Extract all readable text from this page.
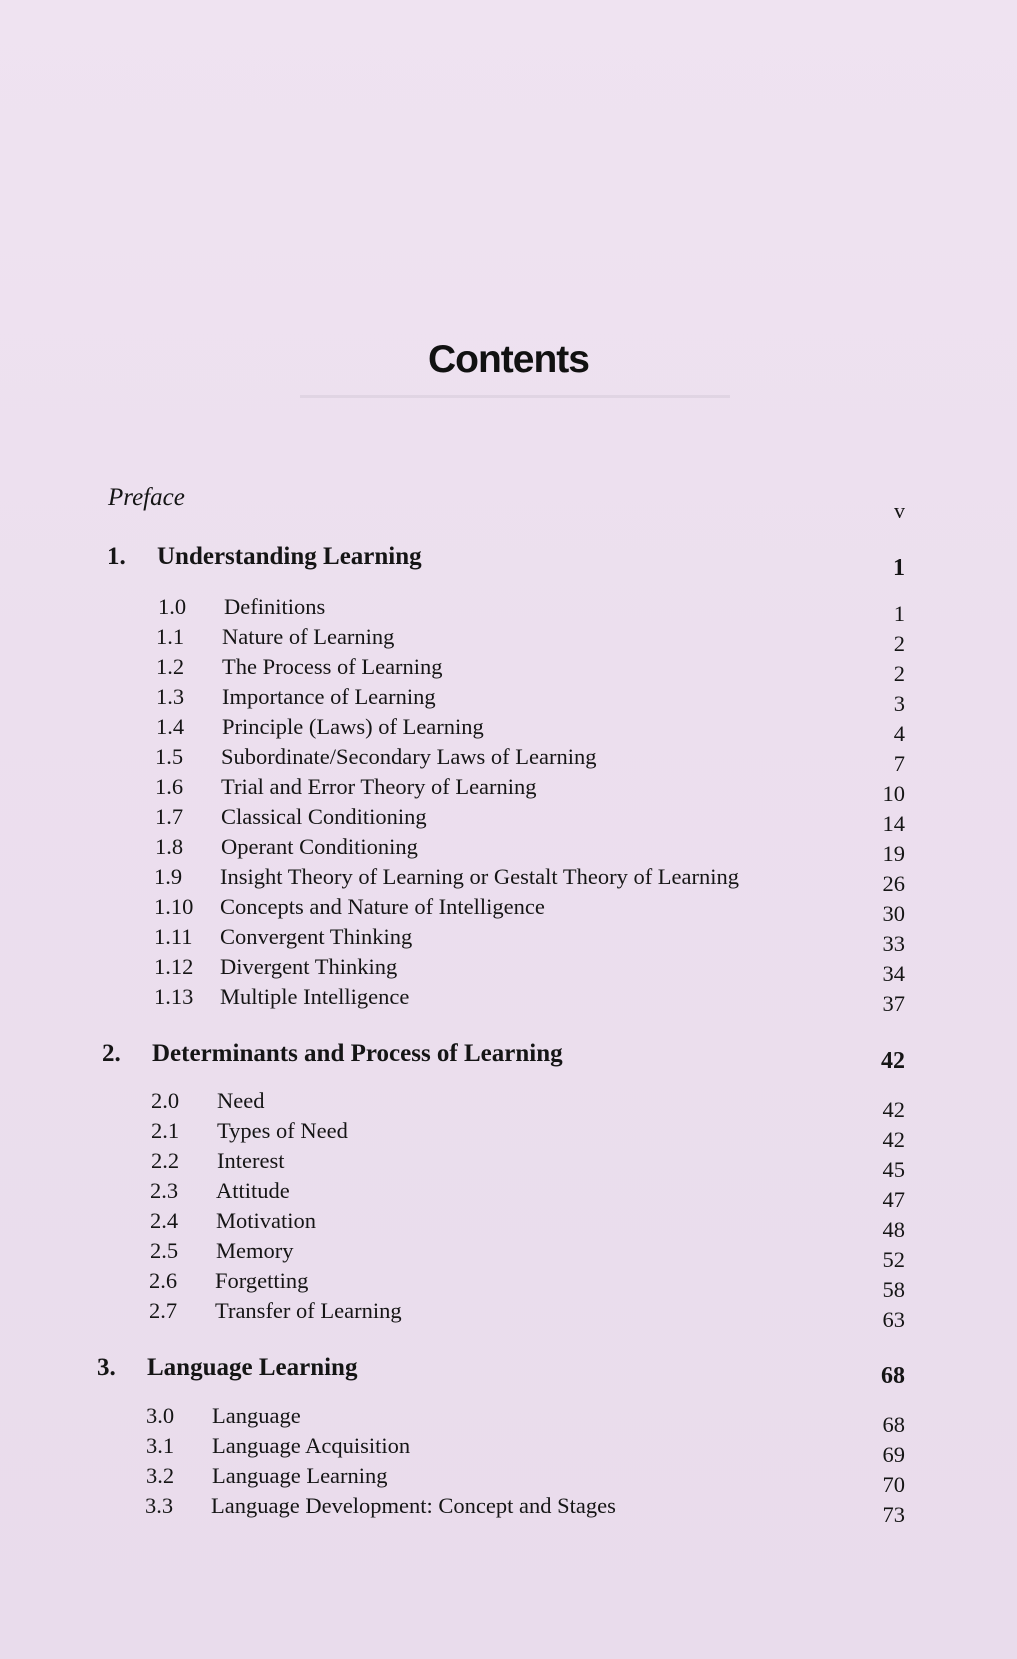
Contents
Preface	v
1. Understanding Learning	1
1.0 Definitions	1
1.1 Nature of Learning	2
1.2 The Process of Learning	2
1.3 Importance of Learning	3
1.4 Principle (Laws) of Learning	4
1.5 Subordinate/Secondary Laws of Learning	7
1.6 Trial and Error Theory of Learning	10
1.7 Classical Conditioning	14
1.8 Operant Conditioning	19
1.9 Insight Theory of Learning or Gestalt Theory of Learning	26
1.10 Concepts and Nature of Intelligence	30
1.11 Convergent Thinking	33
1.12 Divergent Thinking	34
1.13 Multiple Intelligence	37
2. Determinants and Process of Learning	42
2.0 Need	42
2.1 Types of Need	42
2.2 Interest	45
2.3 Attitude	47
2.4 Motivation	48
2.5 Memory	52
2.6 Forgetting	58
2.7 Transfer of Learning	63
3. Language Learning	68
3.0 Language	68
3.1 Language Acquisition	69
3.2 Language Learning	70
3.3 Language Development: Concept and Stages	73
